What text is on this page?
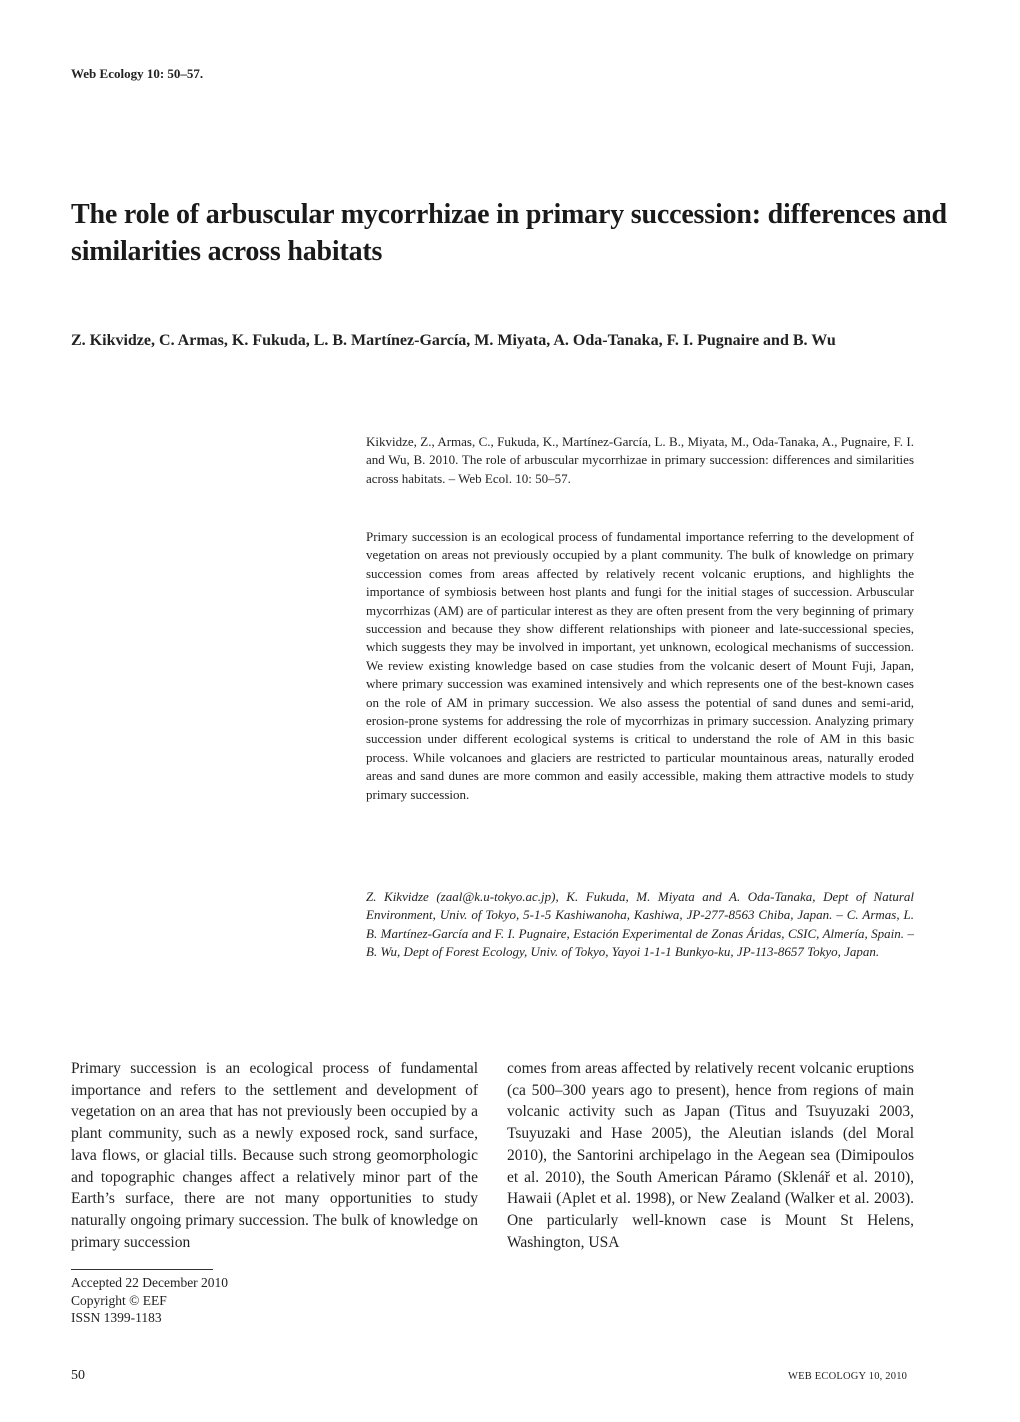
Web Ecology 10: 50–57.
The role of arbuscular mycorrhizae in primary succession: differences and similarities across habitats
Z. Kikvidze, C. Armas, K. Fukuda, L. B. Martínez-García, M. Miyata, A. Oda-Tanaka, F. I. Pugnaire and B. Wu
Kikvidze, Z., Armas, C., Fukuda, K., Martínez-García, L. B., Miyata, M., Oda-Tanaka, A., Pugnaire, F. I. and Wu, B. 2010. The role of arbuscular mycorrhizae in primary succession: differences and similarities across habitats. – Web Ecol. 10: 50–57.
Primary succession is an ecological process of fundamental importance referring to the development of vegetation on areas not previously occupied by a plant community. The bulk of knowledge on primary succession comes from areas affected by relatively recent volcanic eruptions, and highlights the importance of symbiosis between host plants and fungi for the initial stages of succession. Arbuscular mycorrhizas (AM) are of particular interest as they are often present from the very beginning of primary succession and because they show different relationships with pioneer and late-successional species, which suggests they may be involved in important, yet unknown, ecological mechanisms of succession. We review existing knowledge based on case studies from the volcanic desert of Mount Fuji, Japan, where primary succession was examined intensively and which represents one of the best-known cases on the role of AM in primary succession. We also assess the potential of sand dunes and semi-arid, erosion-prone systems for addressing the role of mycorrhizas in primary succession. Analyzing primary succession under different ecological systems is critical to understand the role of AM in this basic process. While volcanoes and glaciers are restricted to particular mountainous areas, naturally eroded areas and sand dunes are more common and easily accessible, making them attractive models to study primary succession.
Z. Kikvidze (zaal@k.u-tokyo.ac.jp), K. Fukuda, M. Miyata and A. Oda-Tanaka, Dept of Natural Environment, Univ. of Tokyo, 5-1-5 Kashiwanoha, Kashiwa, JP-277-8563 Chiba, Japan. – C. Armas, L. B. Martínez-García and F. I. Pugnaire, Estación Experimental de Zonas Áridas, CSIC, Almería, Spain. – B. Wu, Dept of Forest Ecology, Univ. of Tokyo, Yayoi 1-1-1 Bunkyo-ku, JP-113-8657 Tokyo, Japan.
Primary succession is an ecological process of fundamental importance and refers to the settlement and development of vegetation on an area that has not previously been occupied by a plant community, such as a newly exposed rock, sand surface, lava flows, or glacial tills. Because such strong geomorphologic and topographic changes affect a relatively minor part of the Earth’s surface, there are not many opportunities to study naturally ongoing primary succession. The bulk of knowledge on primary succession
comes from areas affected by relatively recent volcanic eruptions (ca 500–300 years ago to present), hence from regions of main volcanic activity such as Japan (Titus and Tsuyuzaki 2003, Tsuyuzaki and Hase 2005), the Aleutian islands (del Moral 2010), the Santorini archipelago in the Aegean sea (Dimipoulos et al. 2010), the South American Páramo (Sklenář et al. 2010), Hawaii (Aplet et al. 1998), or New Zealand (Walker et al. 2003). One particularly well-known case is Mount St Helens, Washington, USA
Accepted 22 December 2010
Copyright © EEF
ISSN 1399-1183
50	WEB ECOLOGY 10, 2010
